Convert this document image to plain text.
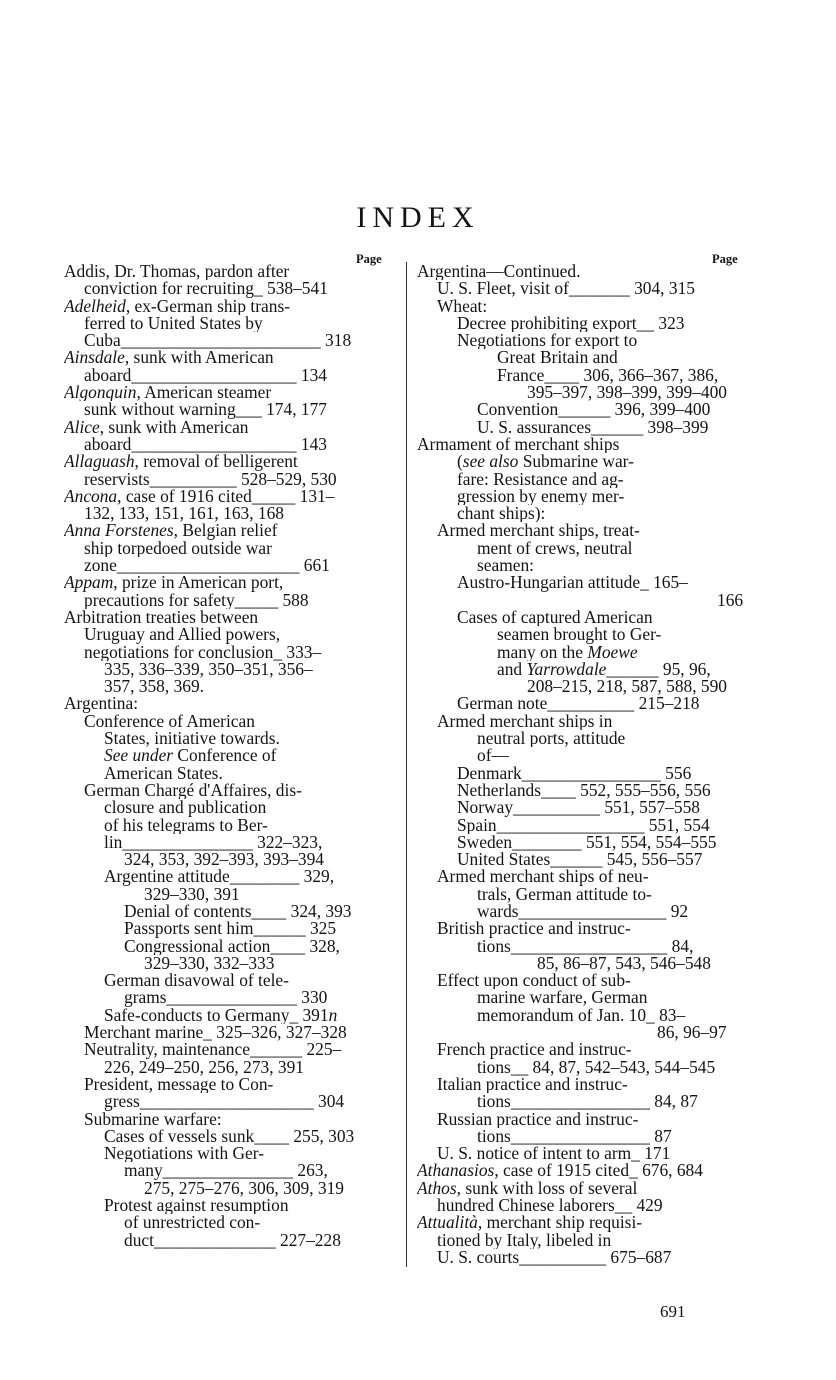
INDEX
Page	Page
Addis, Dr. Thomas, pardon after
conviction for recruiting_ 538–541
Adelheid, ex-German ship trans-
ferred to United States by
Cuba_______________________ 318
Ainsdale, sunk with American
aboard___________________ 134
Algonquin, American steamer
sunk without warning___ 174, 177
Alice, sunk with American
aboard___________________ 143
Allaguash, removal of belligerent
reservists__________ 528–529, 530
Ancona, case of 1916 cited_____ 131–
132, 133, 151, 161, 163, 168
Anna Forstenes, Belgian relief
ship torpedoed outside war
zone_____________________ 661
Appam, prize in American port,
precautions for safety_____ 588
Arbitration treaties between
Uruguay and Allied powers,
negotiations for conclusion_ 333–
335, 336–339, 350–351, 356–
357, 358, 369.
Argentina:
Conference of American
States, initiative towards.
See under Conference of
American States.
German Chargé d'Affaires, dis-
closure and publication
of his telegrams to Ber-
lin_______________ 322–323,
324, 353, 392–393, 393–394
Argentine attitude________ 329,
329–330, 391
Denial of contents____ 324, 393
Passports sent him______ 325
Congressional action____ 328,
329–330, 332–333
German disavowal of tele-
grams_______________ 330
Safe-conducts to Germany_ 391n
Merchant marine_ 325–326, 327–328
Neutrality, maintenance______ 225–
226, 249–250, 256, 273, 391
President, message to Con-
gress____________________ 304
Submarine warfare:
Cases of vessels sunk____ 255, 303
Negotiations with Ger-
many_______________ 263,
275, 275–276, 306, 309, 319
Protest against resumption
of unrestricted con-
duct______________ 227–228
Argentina—Continued.
U. S. Fleet, visit of_______ 304, 315
Wheat:
Decree prohibiting export__ 323
Negotiations for export to
Great Britain and
France____ 306, 366–367, 386,
395–397, 398–399, 399–400
Convention______ 396, 399–400
U. S. assurances______ 398–399
Armament of merchant ships
(see also Submarine war-
fare: Resistance and ag-
gression by enemy mer-
chant ships):
Armed merchant ships, treat-
ment of crews, neutral
seamen:
Austro-Hungarian attitude_ 165–
166
Cases of captured American
seamen brought to Ger-
many on the Moewe
and Yarrowdale______ 95, 96,
208–215, 218, 587, 588, 590
German note__________ 215–218
Armed merchant ships in
neutral ports, attitude
of—
Denmark________________ 556
Netherlands____ 552, 555–556, 556
Norway__________ 551, 557–558
Spain_________________ 551, 554
Sweden________ 551, 554, 554–555
United States______ 545, 556–557
Armed merchant ships of neu-
trals, German attitude to-
wards_________________ 92
British practice and instruc-
tions__________________ 84,
85, 86–87, 543, 546–548
Effect upon conduct of sub-
marine warfare, German
memorandum of Jan. 10_ 83–
86, 96–97
French practice and instruc-
tions__ 84, 87, 542–543, 544–545
Italian practice and instruc-
tions________________ 84, 87
Russian practice and instruc-
tions________________ 87
U. S. notice of intent to arm_ 171
Athanasios, case of 1915 cited_ 676, 684
Athos, sunk with loss of several
hundred Chinese laborers__ 429
Attualità, merchant ship requisi-
tioned by Italy, libeled in
U. S. courts__________ 675–687
691
